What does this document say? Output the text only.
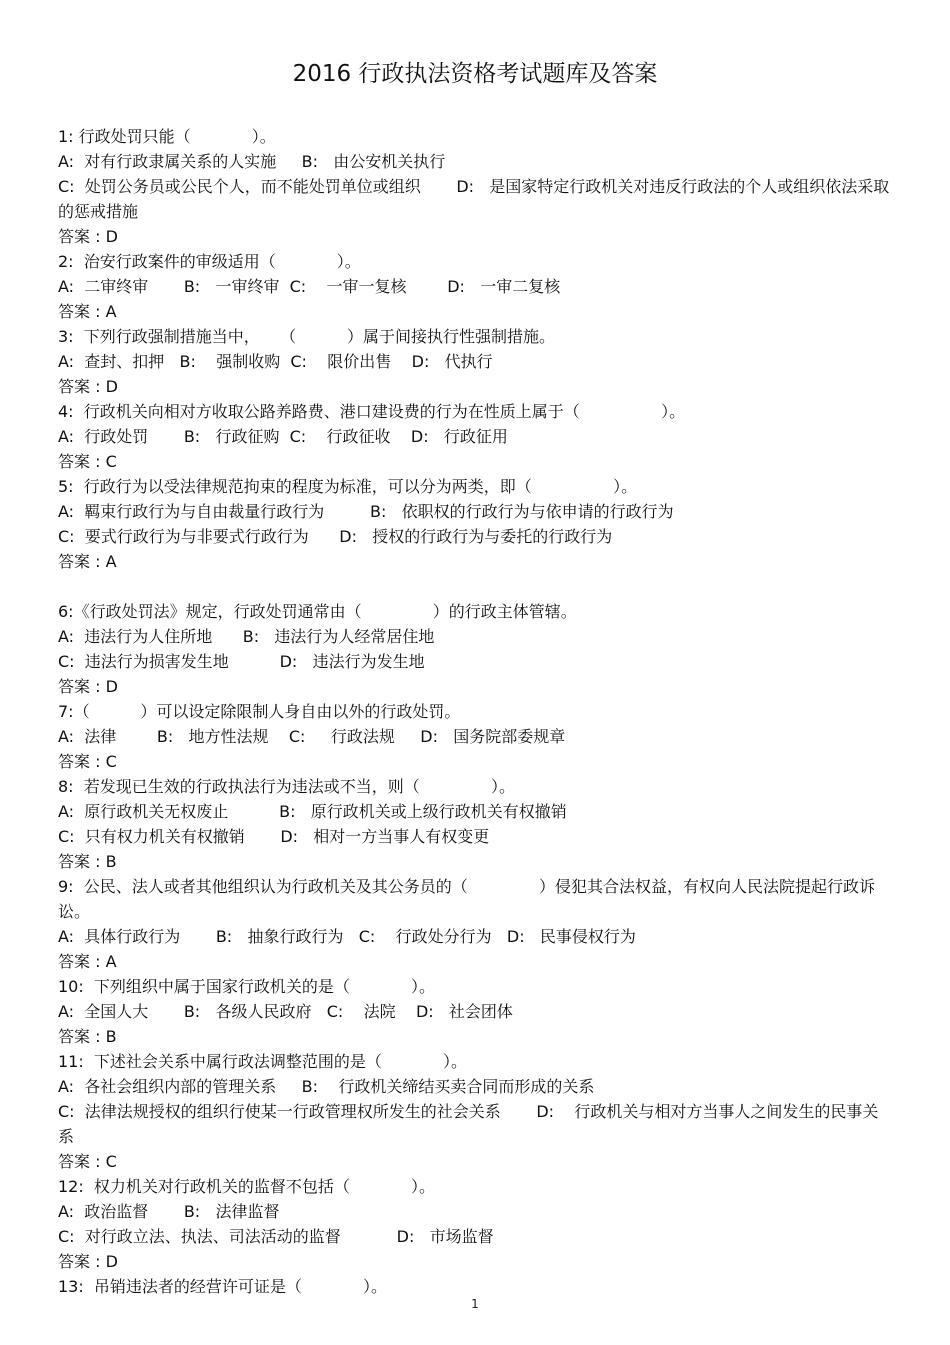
2016 行政执法资格考试题库及答案
1: 行政处罚只能（            ）。
A:  对有行政隶属关系的人实施     B:   由公安机关执行
C:  处罚公务员或公民个人，而不能处罚单位或组织       D:   是国家特定行政机关对违反行政法的个人或组织依法采取的惩戒措施
答案 : D
2:  治安行政案件的审级适用（            ）。
A:  二审终审       B:   一审终审  C:    一审一复核        D:   一审二复核
答案 : A
3:  下列行政强制措施当中，    （          ）属于间接执行性强制措施。
A:  查封、扣押   B:    强制收购  C:    限价出售    D:   代执行
答案 : D
4:  行政机关向相对方收取公路养路费、港口建设费的行为在性质上属于（                ）。
A:  行政处罚       B:   行政征购  C:    行政征收    D:   行政征用
答案 : C
5:  行政行为以受法律规范拘束的程度为标准，可以分为两类，即（                ）。
A:  羁束行政行为与自由裁量行政行为         B:   依职权的行政行为与依申请的行政行为
C:  要式行政行为与非要式行政行为      D:   授权的行政行为与委托的行政行为
答案 : A
6:《行政处罚法》规定，行政处罚通常由（              ）的行政主体管辖。
A:  违法行为人住所地      B:   违法行为人经常居住地
C:  违法行为损害发生地          D:   违法行为发生地
答案 : D
7:（          ）可以设定除限制人身自由以外的行政处罚。
A:  法律        B:   地方性法规    C:     行政法规     D:   国务院部委规章
答案 : C
8:  若发现已生效的行政执法行为违法或不当，则（              ）。
A:  原行政机关无权废止          B:   原行政机关或上级行政机关有权撤销
C:  只有权力机关有权撤销       D:   相对一方当事人有权变更
答案 : B
9:  公民、法人或者其他组织认为行政机关及其公务员的（              ）侵犯其合法权益，有权向人民法院提起行政诉讼。
A:  具体行政行为       B:   抽象行政行为   C:    行政处分行为   D:   民事侵权行为
答案 : A
10:  下列组织中属于国家行政机关的是（            ）。
A:  全国人大       B:   各级人民政府   C:    法院    D:   社会团体
答案 : B
11:  下述社会关系中属行政法调整范围的是（            ）。
A:  各社会组织内部的管理关系     B:    行政机关缔结买卖合同而形成的关系
C:  法律法规授权的组织行使某一行政管理权所发生的社会关系       D:    行政机关与相对方当事人之间发生的民事关系
答案 : C
12:  权力机关对行政机关的监督不包括（            ）。
A:  政治监督       B:   法律监督
C:  对行政立法、执法、司法活动的监督           D:   市场监督
答案 : D
13:  吊销违法者的经营许可证是（            ）。
1
